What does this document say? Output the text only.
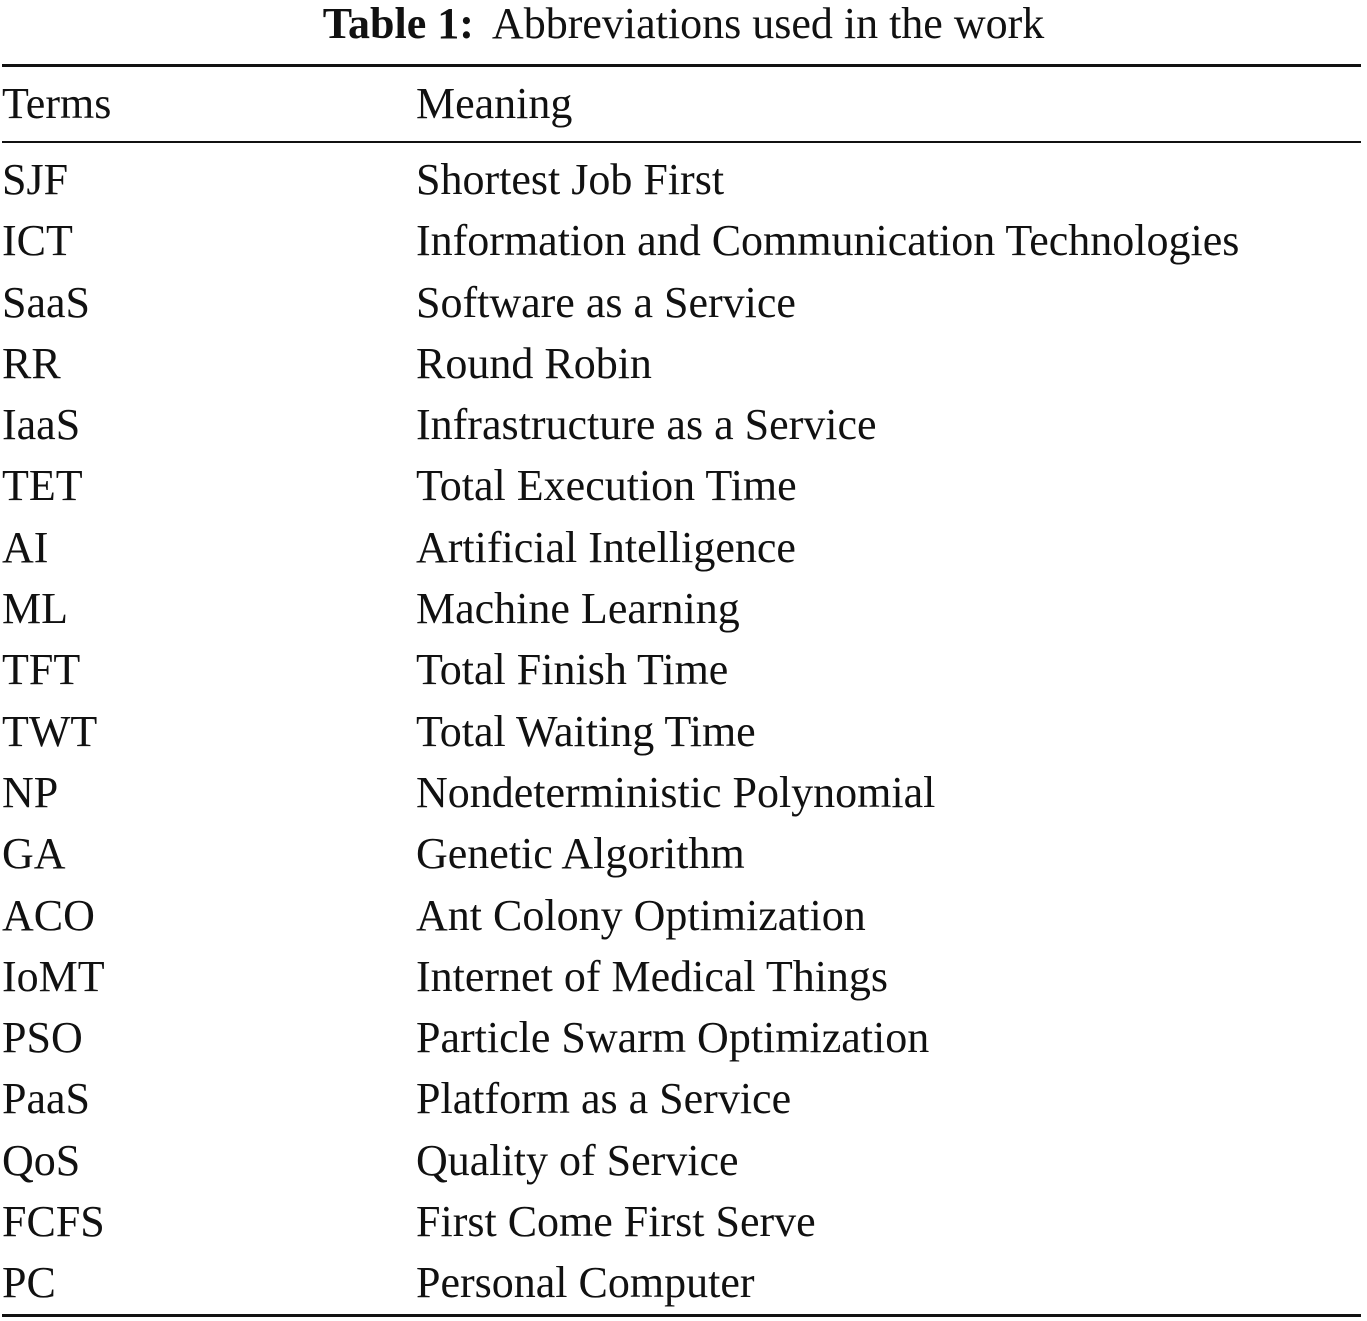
Table 1: Abbreviations used in the work
Terms	Meaning
SJF	Shortest Job First
ICT	Information and Communication Technologies
SaaS	Software as a Service
RR	Round Robin
IaaS	Infrastructure as a Service
TET	Total Execution Time
AI	Artificial Intelligence
ML	Machine Learning
TFT	Total Finish Time
TWT	Total Waiting Time
NP	Nondeterministic Polynomial
GA	Genetic Algorithm
ACO	Ant Colony Optimization
IoMT	Internet of Medical Things
PSO	Particle Swarm Optimization
PaaS	Platform as a Service
QoS	Quality of Service
FCFS	First Come First Serve
PC	Personal Computer
